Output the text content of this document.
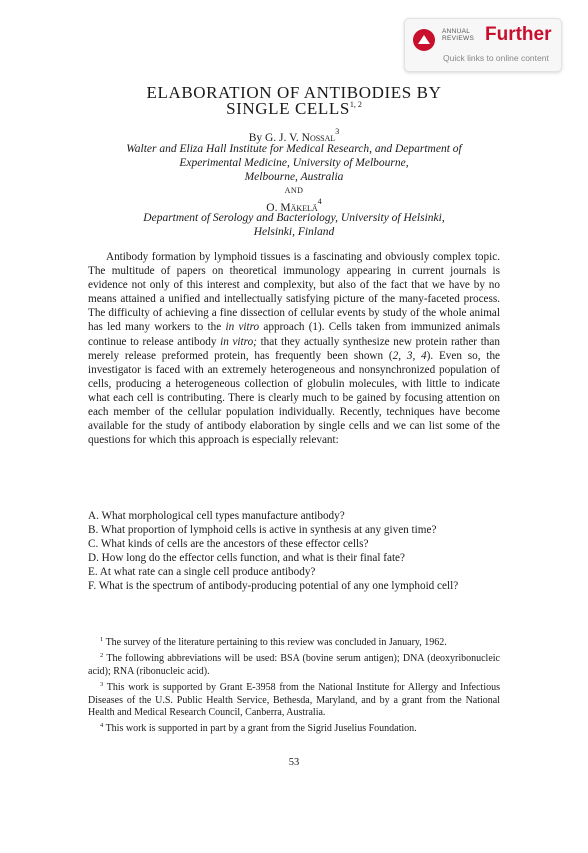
ANNUAL
REVIEWS Further
Quick links to online content
ELABORATION OF ANTIBODIES BY
SINGLE CELLS$^{1, 2}$
By G. J. V. Nossal$^3$
Walter and Eliza Hall Institute for Medical Research, and Department of
Experimental Medicine, University of Melbourne,
Melbourne, Australia
AND
O. Mäkelä$^4$
Department of Serology and Bacteriology, University of Helsinki,
Helsinki, Finland

Antibody formation by lymphoid tissues is a fascinating and obviously complex topic. The multitude of papers on theoretical immunology appearing in current journals is evidence not only of this interest and complexity, but also of the fact that we have by no means attained a unified and intellectually satisfying picture of the many-faceted process. The difficulty of achieving a fine dissection of cellular events by study of the whole animal has led many workers to the in vitro approach (1). Cells taken from immunized animals continue to release antibody in vitro; that they actually synthesize new protein rather than merely release preformed protein, has frequently been shown (2, 3, 4). Even so, the investigator is faced with an extremely heterogeneous and nonsynchronized population of cells, producing a heterogeneous collection of globulin molecules, with little to indicate what each cell is contributing. There is clearly much to be gained by focusing attention on each member of the cellular population individually. Recently, techniques have become available for the study of antibody elaboration by single cells and we can list some of the questions for which this approach is especially relevant:

A. What morphological cell types manufacture antibody?
B. What proportion of lymphoid cells is active in synthesis at any given time?
C. What kinds of cells are the ancestors of these effector cells?
D. How long do the effector cells function, and what is their final fate?
E. At what rate can a single cell produce antibody?
F. What is the spectrum of antibody-producing potential of any one lymphoid cell?
$^1$ The survey of the literature pertaining to this review was concluded in January, 1962.
$^2$ The following abbreviations will be used: BSA (bovine serum antigen); DNA (deoxyribonucleic acid); RNA (ribonucleic acid).
$^3$ This work is supported by Grant E-3958 from the National Institute for Allergy and Infectious Diseases of the U.S. Public Health Service, Bethesda, Maryland, and by a grant from the National Health and Medical Research Council, Canberra, Australia.
$^4$ This work is supported in part by a grant from the Sigrid Juselius Foundation.
53
